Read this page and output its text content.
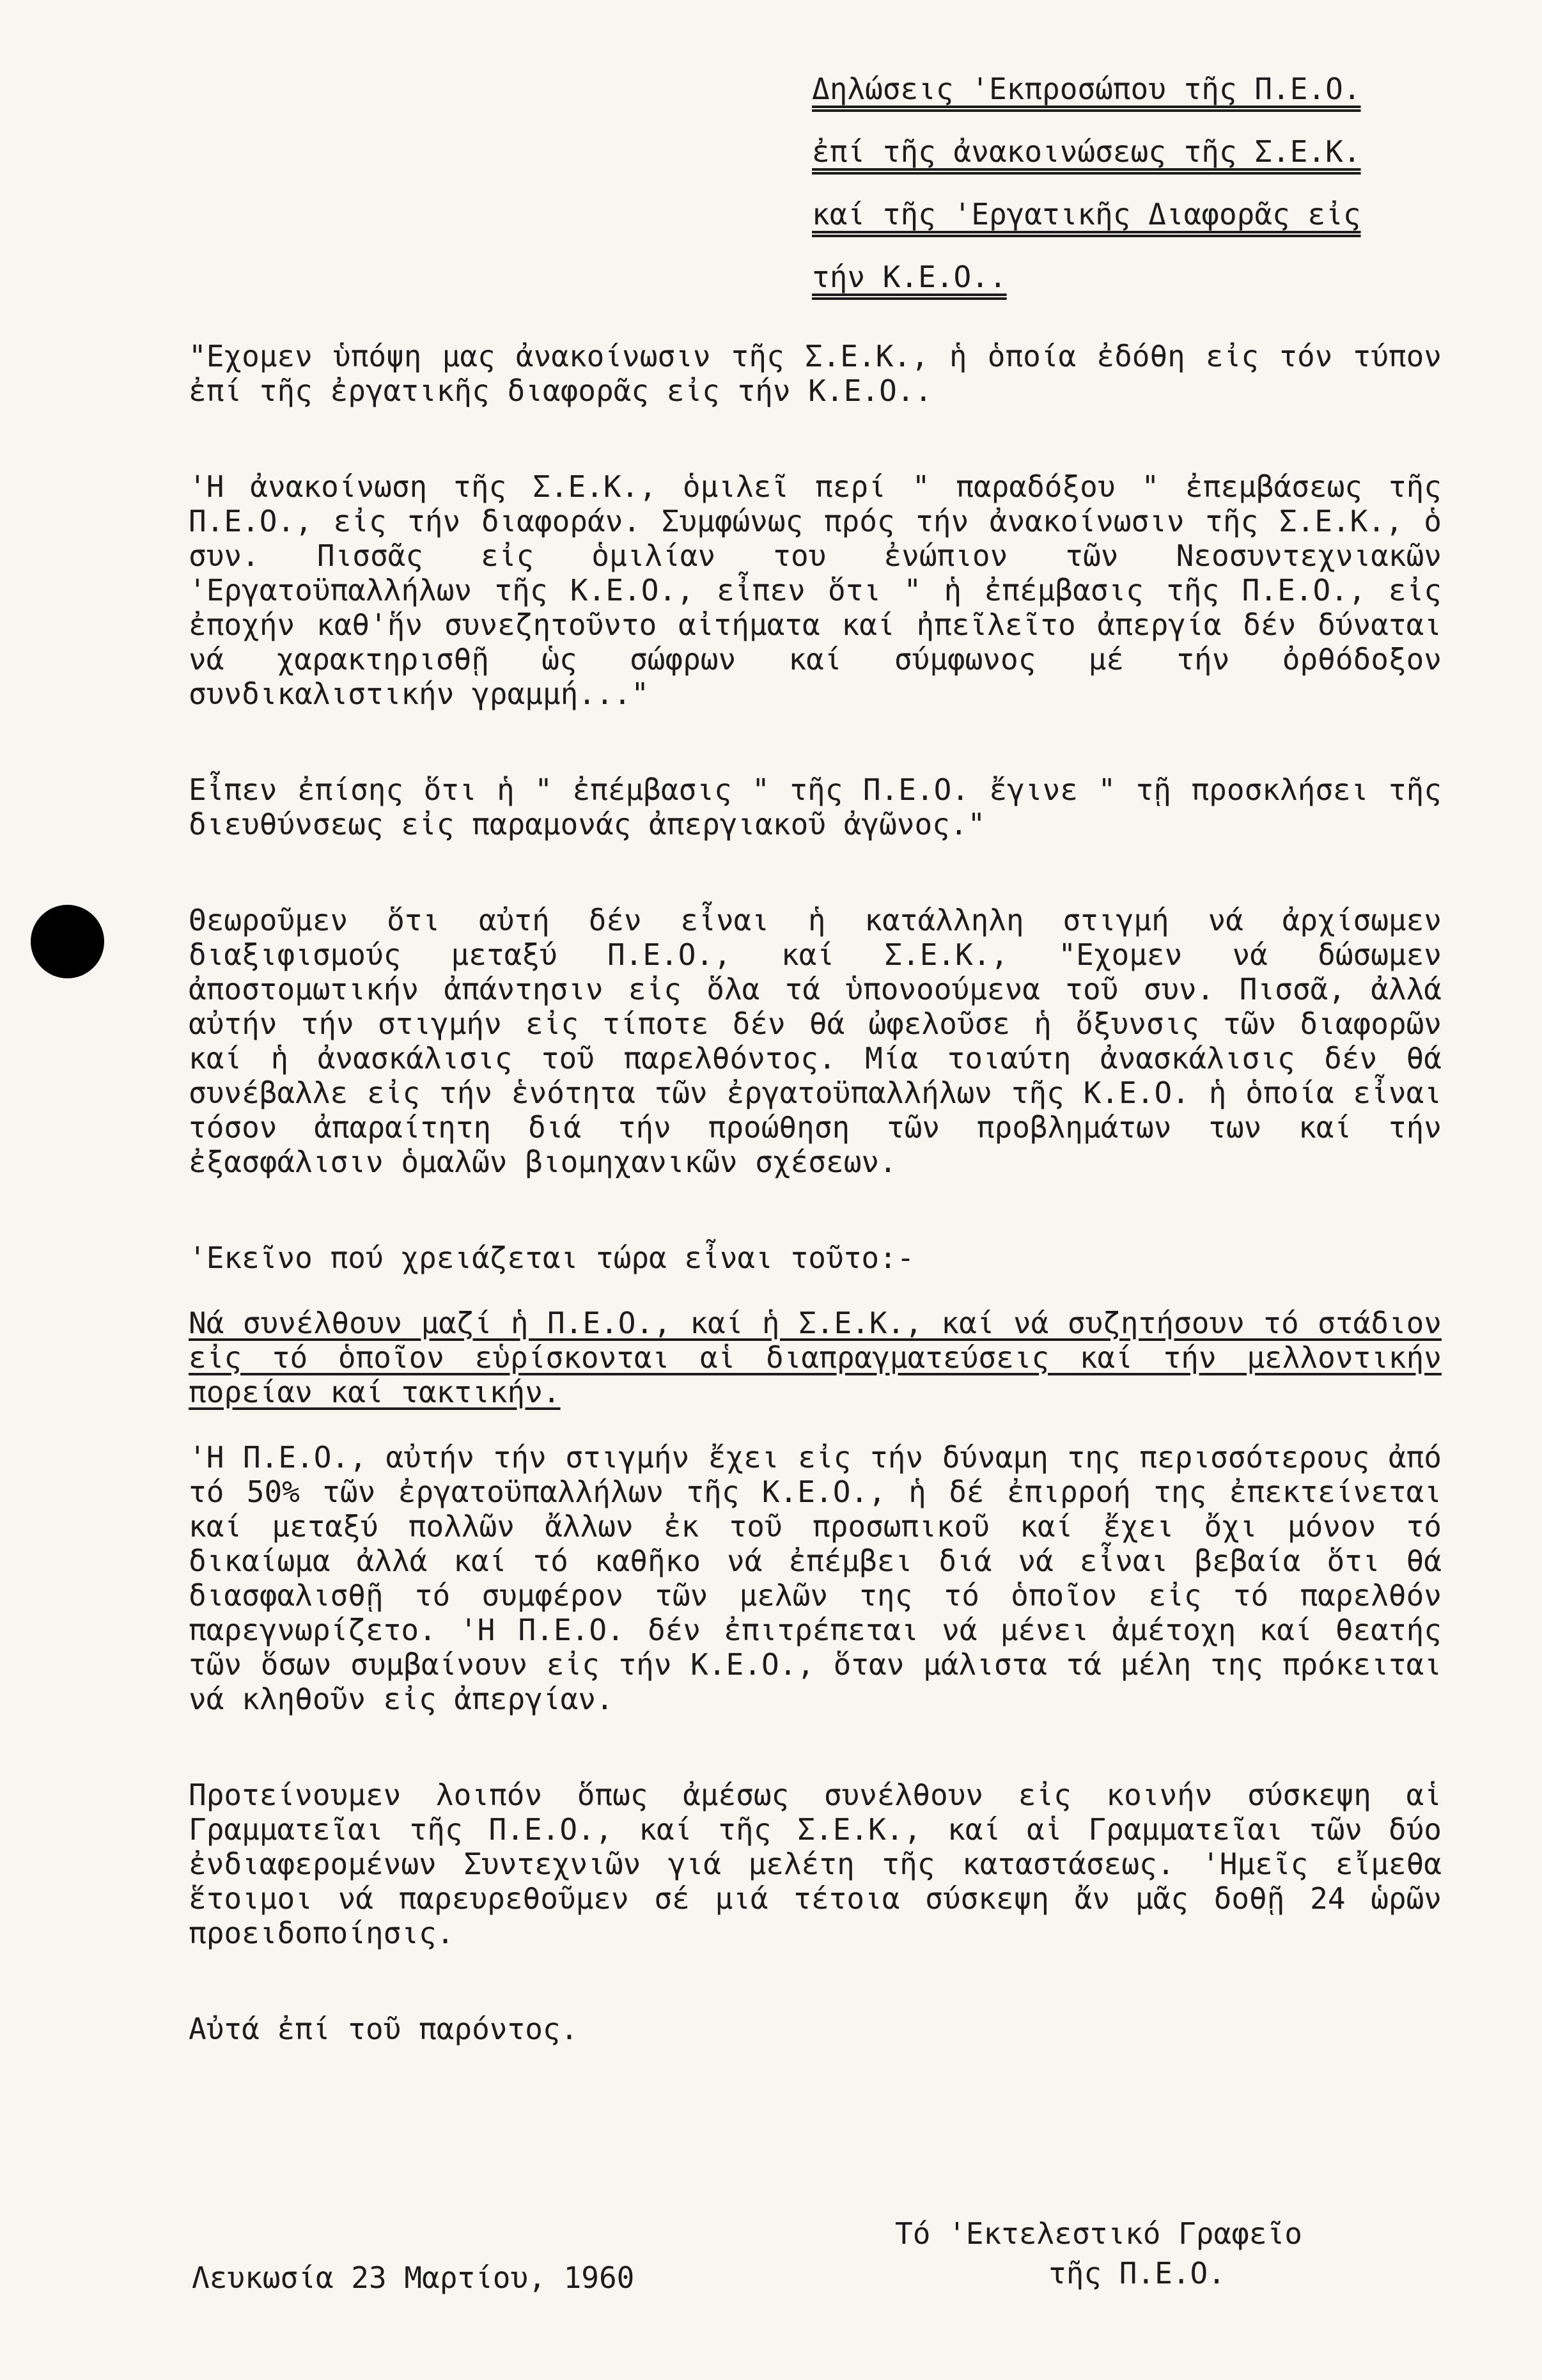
Δηλώσεις 'Εκπροσώπου τῆς Π.Ε.Ο.
ἐπί τῆς ἀνακοινώσεως τῆς Σ.Ε.Κ.
καί τῆς 'Εργατικῆς Διαφορᾶς εἰς
τήν Κ.Ε.Ο..

"Εχομεν ὑπόψη μας ἀνακοίνωσιν τῆς Σ.Ε.Κ., ἡ ὁποία ἐδόθη εἰς τόν τύπον ἐπί τῆς ἐργατικῆς διαφορᾶς εἰς τήν Κ.Ε.Ο..

'Η ἀνακοίνωση τῆς Σ.Ε.Κ., ὁμιλεῖ περί " παραδόξου " ἐπεμβάσεως τῆς Π.Ε.Ο., εἰς τήν διαφοράν. Συμφώνως πρός τήν ἀνακοίνωσιν τῆς Σ.Ε.Κ., ὁ συν. Πισσᾶς εἰς ὁμιλίαν του ἐνώπιον τῶν Νεοσυντεχνιακῶν 'Εργατοϋπαλλήλων τῆς Κ.Ε.Ο., εἶπεν ὅτι " ἡ ἐπέμβασις τῆς Π.Ε.Ο., εἰς ἐποχήν καθ'ἥν συνεζητοῦντο αἰτήματα καί ἠπεῖλεῖτο ἀπεργία δέν δύναται νά χαρακτηρισθῇ ὡς σώφρων καί σύμφωνος μέ τήν ὀρθόδοξον συνδικαλιστικήν γραμμή..."

Εἶπεν ἐπίσης ὅτι ἡ " ἐπέμβασις " τῆς Π.Ε.Ο. ἔγινε " τῇ προσκλήσει τῆς διευθύνσεως εἰς παραμονάς ἀπεργιακοῦ ἀγῶνος."

Θεωροῦμεν ὅτι αὐτή δέν εἶναι ἡ κατάλληλη στιγμή νά ἀρχίσωμεν διαξιφισμούς μεταξύ Π.Ε.Ο., καί Σ.Ε.Κ., "Εχομεν νά δώσωμεν ἀποστομωτικήν ἀπάντησιν εἰς ὅλα τά ὑπονοούμενα τοῦ συν. Πισσᾶ, ἀλλά αὐτήν τήν στιγμήν εἰς τίποτε δέν θά ὠφελοῦσε ἡ ὄξυνσις τῶν διαφορῶν καί ἡ ἀνασκάλισις τοῦ παρελθόντος. Μία τοιαύτη ἀνασκάλισις δέν θά συνέβαλλε εἰς τήν ἑνότητα τῶν ἐργατοϋπαλλήλων τῆς Κ.Ε.Ο. ἡ ὁποία εἶναι τόσον ἀπαραίτητη διά τήν προώθηση τῶν προβλημάτων των καί τήν ἐξασφάλισιν ὁμαλῶν βιομηχανικῶν σχέσεων.

'Εκεῖνο πού χρειάζεται τώρα εἶναι τοῦτο:-

Νά συνέλθουν μαζί ἡ Π.Ε.Ο., καί ἡ Σ.Ε.Κ., καί νά συζητήσουν τό στάδιον εἰς τό ὁποῖον εὑρίσκονται αἱ διαπραγματεύσεις καί τήν μελλοντικήν πορείαν καί τακτικήν.

'Η Π.Ε.Ο., αὐτήν τήν στιγμήν ἔχει εἰς τήν δύναμη της περισσότερους ἀπό τό 50% τῶν ἐργατοϋπαλλήλων τῆς Κ.Ε.Ο., ἡ δέ ἐπιρροή της ἐπεκτείνεται καί μεταξύ πολλῶν ἄλλων ἐκ τοῦ προσωπικοῦ καί ἔχει ὄχι μόνον τό δικαίωμα ἀλλά καί τό καθῆκο νά ἐπέμβει διά νά εἶναι βεβαία ὅτι θά διασφαλισθῇ τό συμφέρον τῶν μελῶν της τό ὁποῖον εἰς τό παρελθόν παρεγνωρίζετο. 'Η Π.Ε.Ο. δέν ἐπιτρέπεται νά μένει ἀμέτοχη καί θεατής τῶν ὅσων συμβαίνουν εἰς τήν Κ.Ε.Ο., ὅταν μάλιστα τά μέλη της πρόκειται νά κληθοῦν εἰς ἀπεργίαν.

Προτείνουμεν λοιπόν ὅπως ἀμέσως συνέλθουν εἰς κοινήν σύσκεψη αἱ Γραμματεῖαι τῆς Π.Ε.Ο., καί τῆς Σ.Ε.Κ., καί αἱ Γραμματεῖαι τῶν δύο ἐνδιαφερομένων Συντεχνιῶν γιά μελέτη τῆς καταστάσεως. 'Ημεῖς εἴμεθα ἕτοιμοι νά παρευρεθοῦμεν σέ μιά τέτοια σύσκεψη ἄν μᾶς δοθῇ 24 ὡρῶν προειδοποίησις.

Αὐτά ἐπί τοῦ παρόντος.

Τό 'Εκτελεστικό Γραφεῖο

τῆς Π.Ε.Ο.

Λευκωσία 23 Μαρτίου, 1960
